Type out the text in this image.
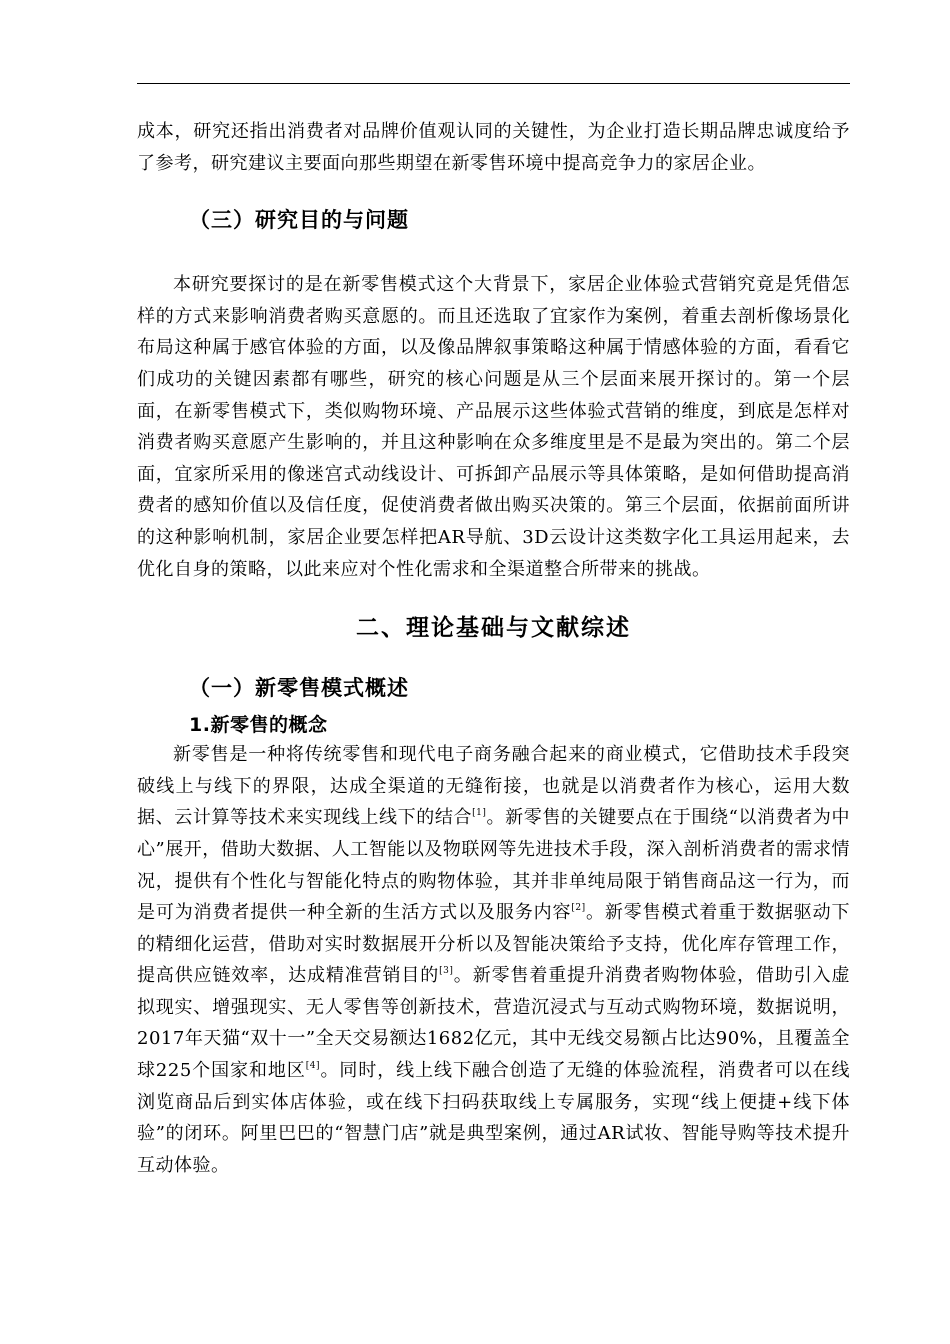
成本，研究还指出消费者对品牌价值观认同的关键性，为企业打造长期品牌忠诚度给予了参考，研究建议主要面向那些期望在新零售环境中提高竞争力的家居企业。

（三）研究目的与问题

本研究要探讨的是在新零售模式这个大背景下，家居企业体验式营销究竟是凭借怎样的方式来影响消费者购买意愿的。而且还选取了宜家作为案例，着重去剖析像场景化布局这种属于感官体验的方面，以及像品牌叙事策略这种属于情感体验的方面，看看它们成功的关键因素都有哪些，研究的核心问题是从三个层面来展开探讨的。第一个层面，在新零售模式下，类似购物环境、产品展示这些体验式营销的维度，到底是怎样对消费者购买意愿产生影响的，并且这种影响在众多维度里是不是最为突出的。第二个层面，宜家所采用的像迷宫式动线设计、可拆卸产品展示等具体策略，是如何借助提高消费者的感知价值以及信任度，促使消费者做出购买决策的。第三个层面，依据前面所讲的这种影响机制，家居企业要怎样把AR导航、3D云设计这类数字化工具运用起来，去优化自身的策略，以此来应对个性化需求和全渠道整合所带来的挑战。

二、理论基础与文献综述
（一）新零售模式概述
1.新零售的概念

新零售是一种将传统零售和现代电子商务融合起来的商业模式，它借助技术手段突破线上与线下的界限，达成全渠道的无缝衔接，也就是以消费者作为核心，运用大数据、云计算等技术来实现线上线下的结合[1]。新零售的关键要点在于围绕“以消费者为中心”展开，借助大数据、人工智能以及物联网等先进技术手段，深入剖析消费者的需求情况，提供有个性化与智能化特点的购物体验，其并非单纯局限于销售商品这一行为，而是可为消费者提供一种全新的生活方式以及服务内容[2]。新零售模式着重于数据驱动下的精细化运营，借助对实时数据展开分析以及智能决策给予支持，优化库存管理工作，提高供应链效率，达成精准营销目的[3]。新零售着重提升消费者购物体验，借助引入虚拟现实、增强现实、无人零售等创新技术，营造沉浸式与互动式购物环境，数据说明，2017年天猫“双十一”全天交易额达1682亿元，其中无线交易额占比达90%，且覆盖全球225个国家和地区[4]。同时，线上线下融合创造了无缝的体验流程，消费者可以在线浏览商品后到实体店体验，或在线下扫码获取线上专属服务，实现“线上便捷+线下体验”的闭环。阿里巴巴的“智慧门店”就是典型案例，通过AR试妆、智能导购等技术提升互动体验。
